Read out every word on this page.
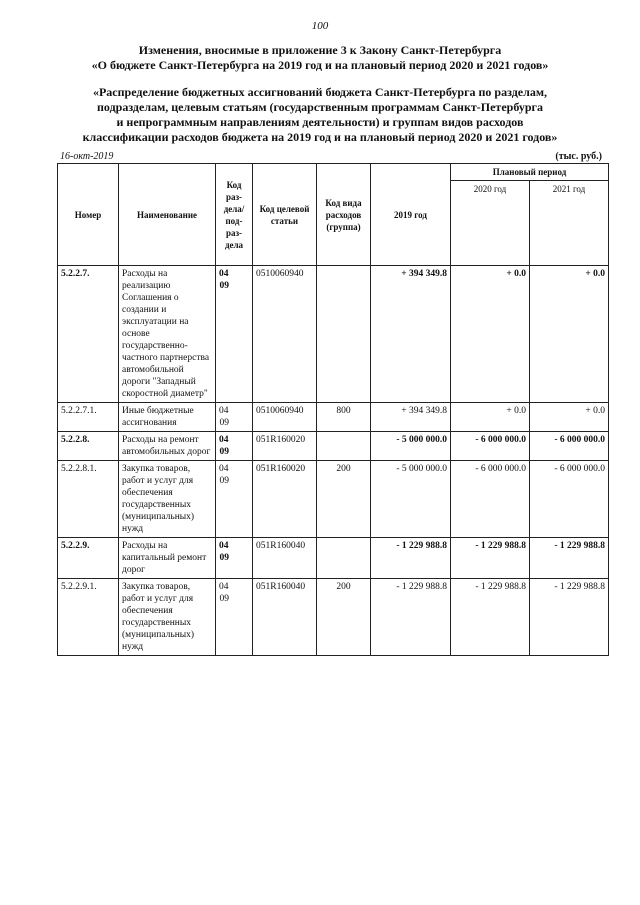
100
Изменения, вносимые в приложение 3 к Закону Санкт-Петербурга
«О бюджете Санкт-Петербурга на 2019 год и на плановый период 2020 и 2021 годов»
«Распределение бюджетных ассигнований бюджета Санкт-Петербурга по разделам,
подразделам, целевым статьям (государственным программам Санкт-Петербурга
и непрограммным направлениям деятельности) и группам видов расходов
классификации расходов бюджета на 2019 год и на плановый период 2020 и 2021 годов»
16-окт-2019	(тыс. руб.)
Номер	Наименование	Код раз-дела/ под-раз-дела	Код целевой статьи	Код вида расходов (группа)	2019 год	Плановый период	
						2020 год	2021 год
5.2.2.7.	Расходы на реализацию Соглашения о создании и эксплуатации на основе государственно-частного партнерства автомобильной дороги "Западный скоростной диаметр"	0409	0510060940		+ 394 349.8	+ 0.0	+ 0.0
5.2.2.7.1.	Иные бюджетные ассигнования	0409	0510060940	800	+ 394 349.8	+ 0.0	+ 0.0
5.2.2.8.	Расходы на ремонт автомобильных дорог	0409	051R160020		- 5 000 000.0	- 6 000 000.0	- 6 000 000.0
5.2.2.8.1.	Закупка товаров, работ и услуг для обеспечения государственных (муниципальных) нужд	0409	051R160020	200	- 5 000 000.0	- 6 000 000.0	- 6 000 000.0
5.2.2.9.	Расходы на капитальный ремонт дорог	0409	051R160040		- 1 229 988.8	- 1 229 988.8	- 1 229 988.8
5.2.2.9.1.	Закупка товаров, работ и услуг для обеспечения государственных (муниципальных) нужд	0409	051R160040	200	- 1 229 988.8	- 1 229 988.8	- 1 229 988.8
